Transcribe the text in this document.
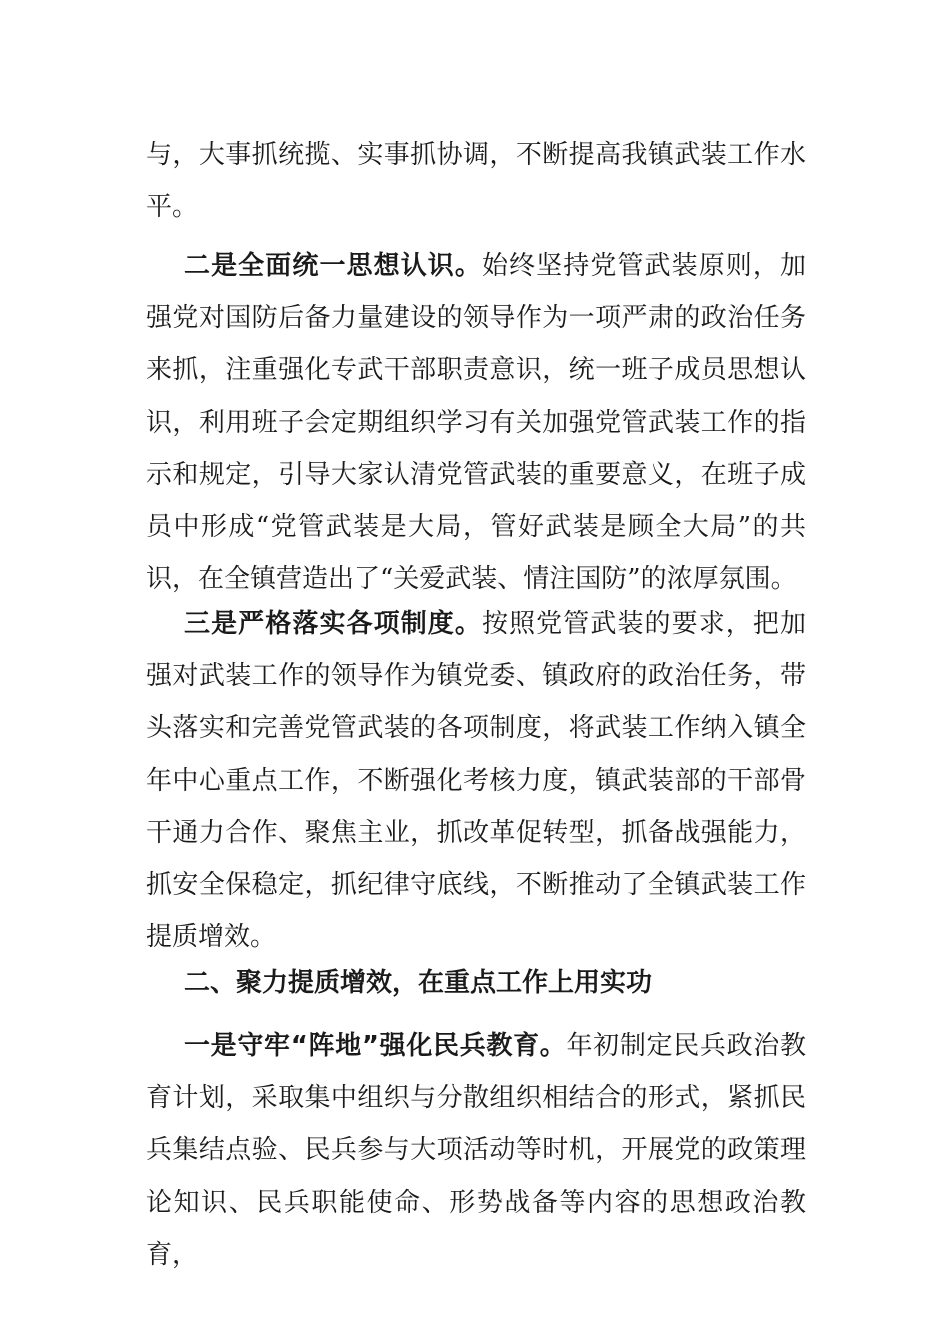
与，大事抓统揽、实事抓协调，不断提高我镇武装工作水平。

二是全面统一思想认识。始终坚持党管武装原则，加强党对国防后备力量建设的领导作为一项严肃的政治任务来抓，注重强化专武干部职责意识，统一班子成员思想认识，利用班子会定期组织学习有关加强党管武装工作的指示和规定，引导大家认清党管武装的重要意义，在班子成员中形成“党管武装是大局，管好武装是顾全大局”的共识，在全镇营造出了“关爱武装、情注国防”的浓厚氛围。

三是严格落实各项制度。按照党管武装的要求，把加强对武装工作的领导作为镇党委、镇政府的政治任务，带头落实和完善党管武装的各项制度，将武装工作纳入镇全年中心重点工作，不断强化考核力度，镇武装部的干部骨干通力合作、聚焦主业，抓改革促转型，抓备战强能力，抓安全保稳定，抓纪律守底线，不断推动了全镇武装工作提质增效。

二、聚力提质增效，在重点工作上用实功

一是守牢“阵地”强化民兵教育。年初制定民兵政治教育计划，采取集中组织与分散组织相结合的形式，紧抓民兵集结点验、民兵参与大项活动等时机，开展党的政策理论知识、民兵职能使命、形势战备等内容的思想政治教育，
